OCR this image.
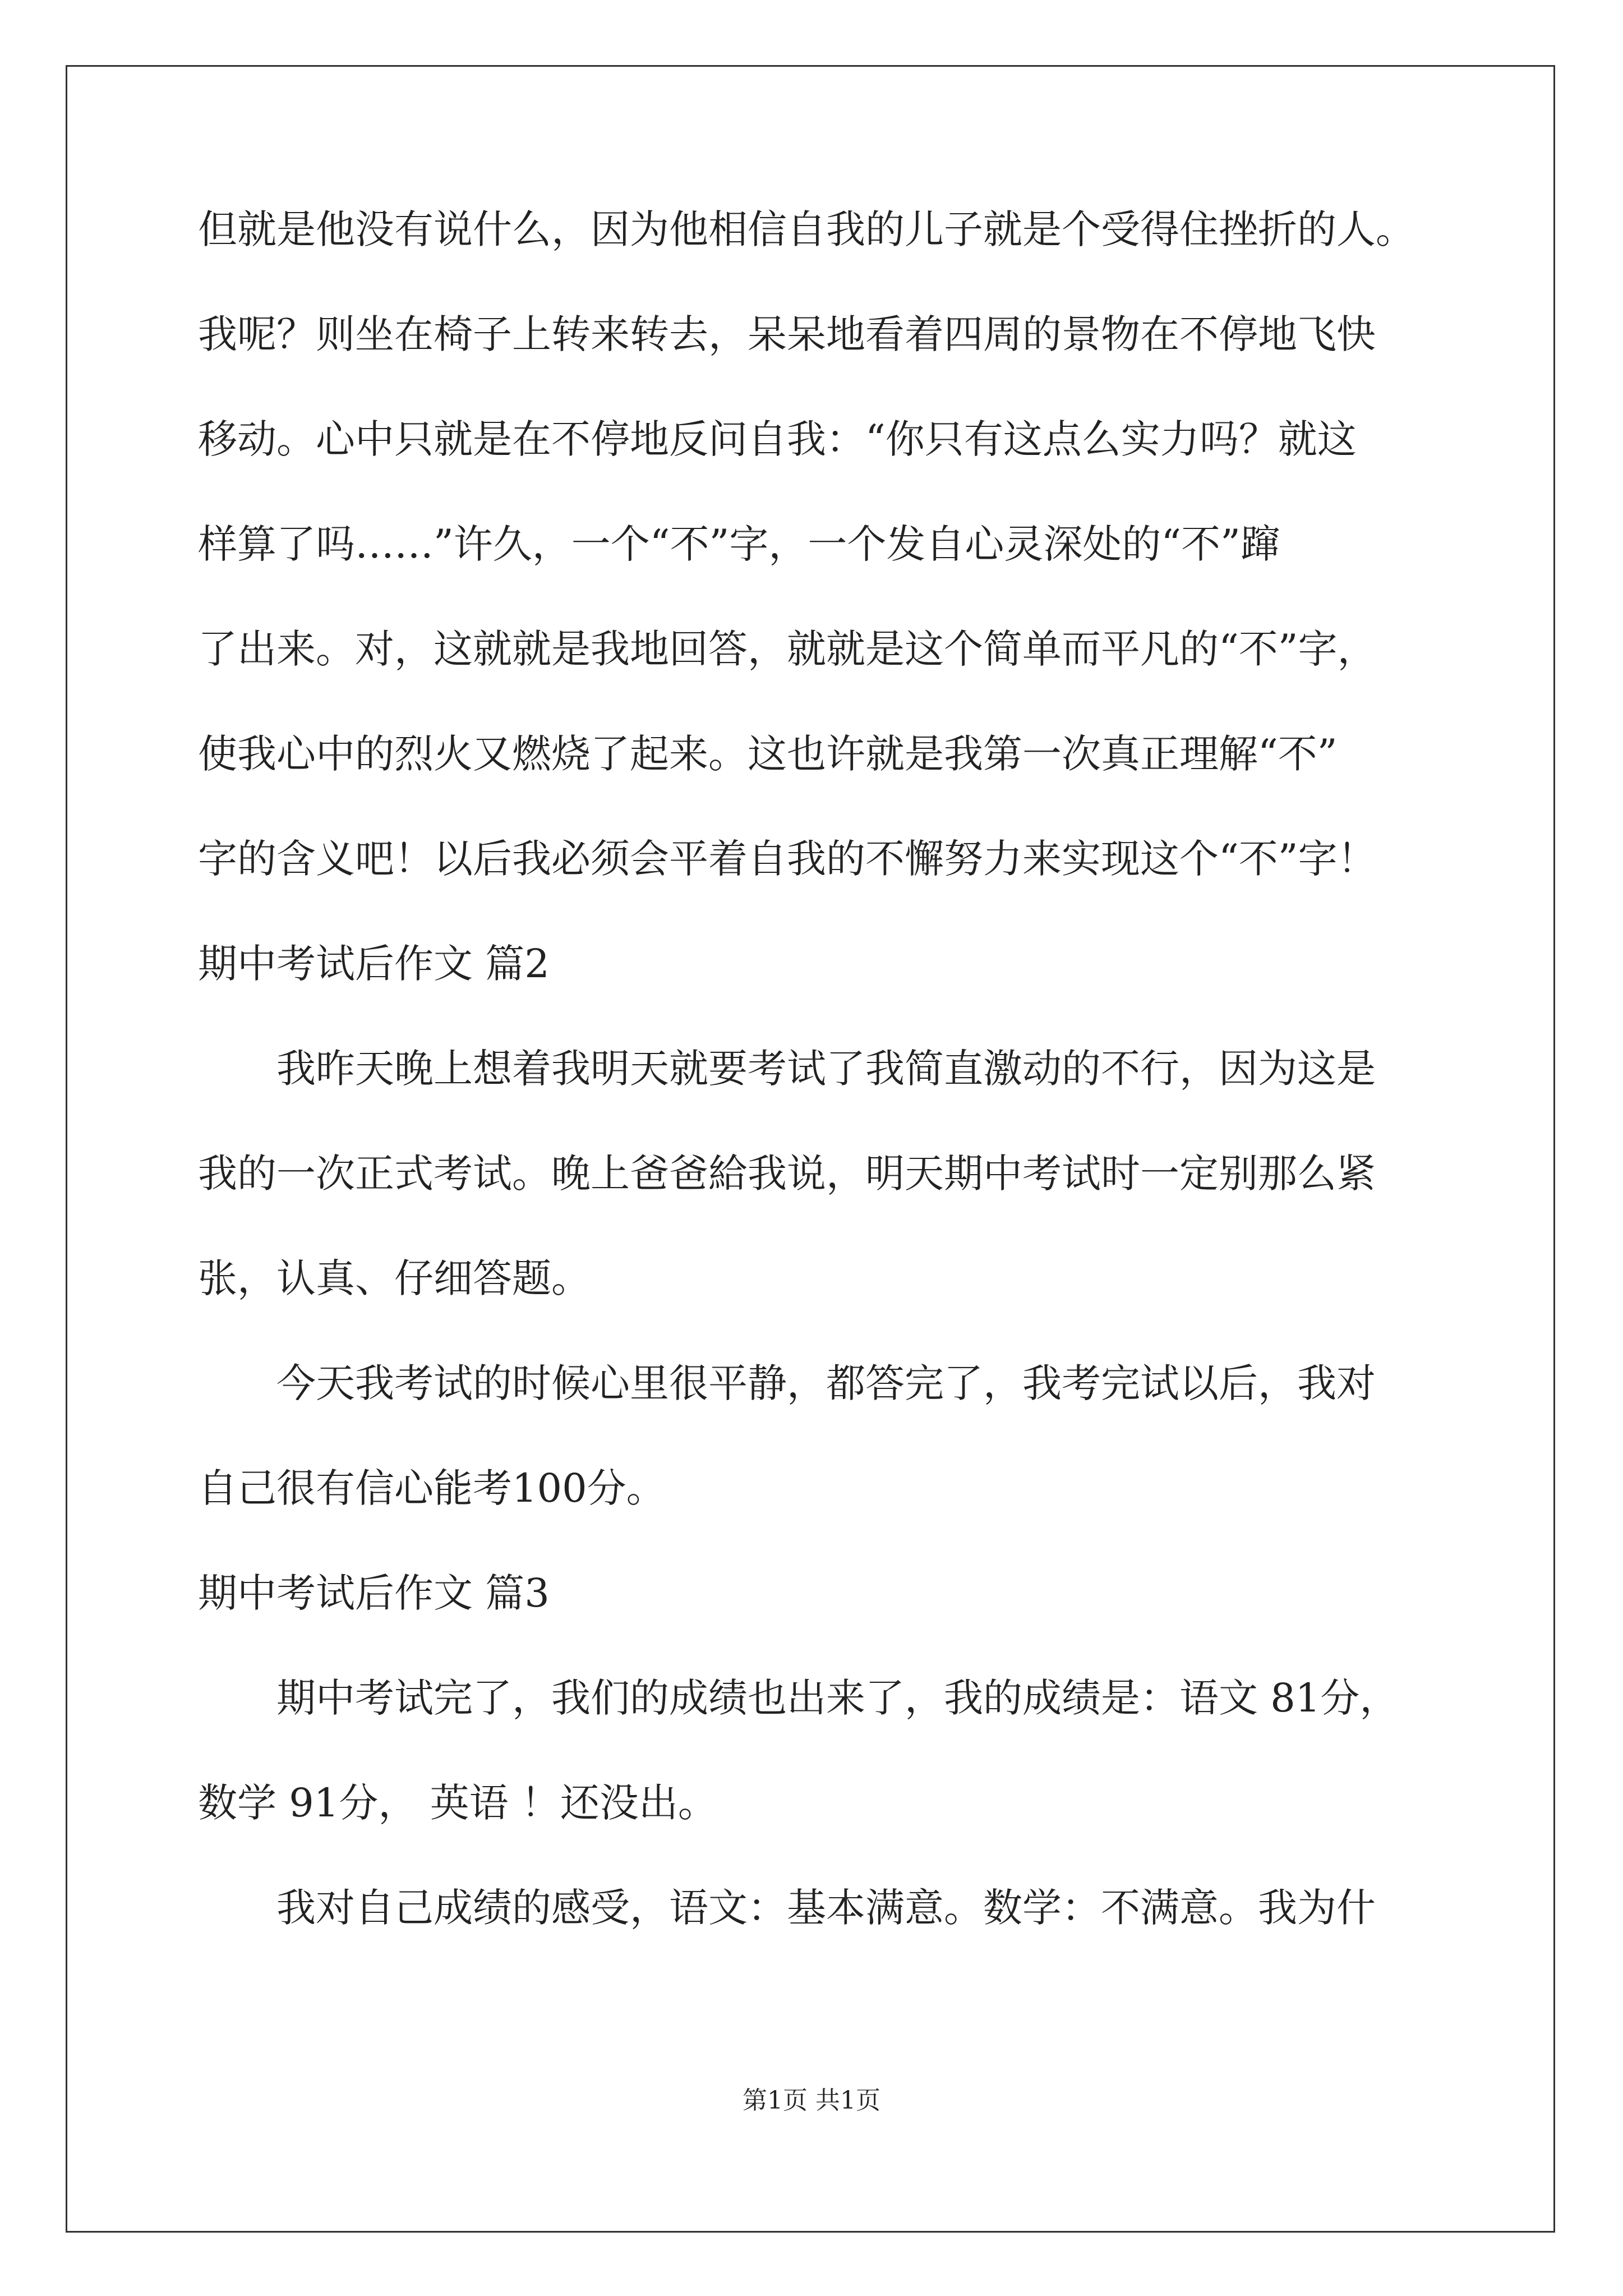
但就是他没有说什么，因为他相信自我的儿子就是个受得住挫折的人。
我呢？则坐在椅子上转来转去，呆呆地看着四周的景物在不停地飞快
移动。心中只就是在不停地反问自我：“你只有这点么实力吗？就这
样算了吗……”许久，一个“不”字，一个发自心灵深处的“不”蹿
了出来。对，这就就是我地回答，就就是这个简单而平凡的“不”字，
使我心中的烈火又燃烧了起来。这也许就是我第一次真正理解“不”
字的含义吧！以后我必须会平着自我的不懈努力来实现这个“不”字！
期中考试后作文 篇2
我昨天晚上想着我明天就要考试了我简直激动的不行，因为这是
我的一次正式考试。晚上爸爸給我说，明天期中考试时一定别那么紧
张，认真、仔细答题。
今天我考试的时候心里很平静，都答完了，我考完试以后，我对
自己很有信心能考100分。
期中考试后作文 篇3
期中考试完了，我们的成绩也出来了，我的成绩是：语文 81分，
数学 91分， 英语 ！还没出。
我对自己成绩的感受，语文：基本满意。数学：不满意。我为什
第1页 共1页
